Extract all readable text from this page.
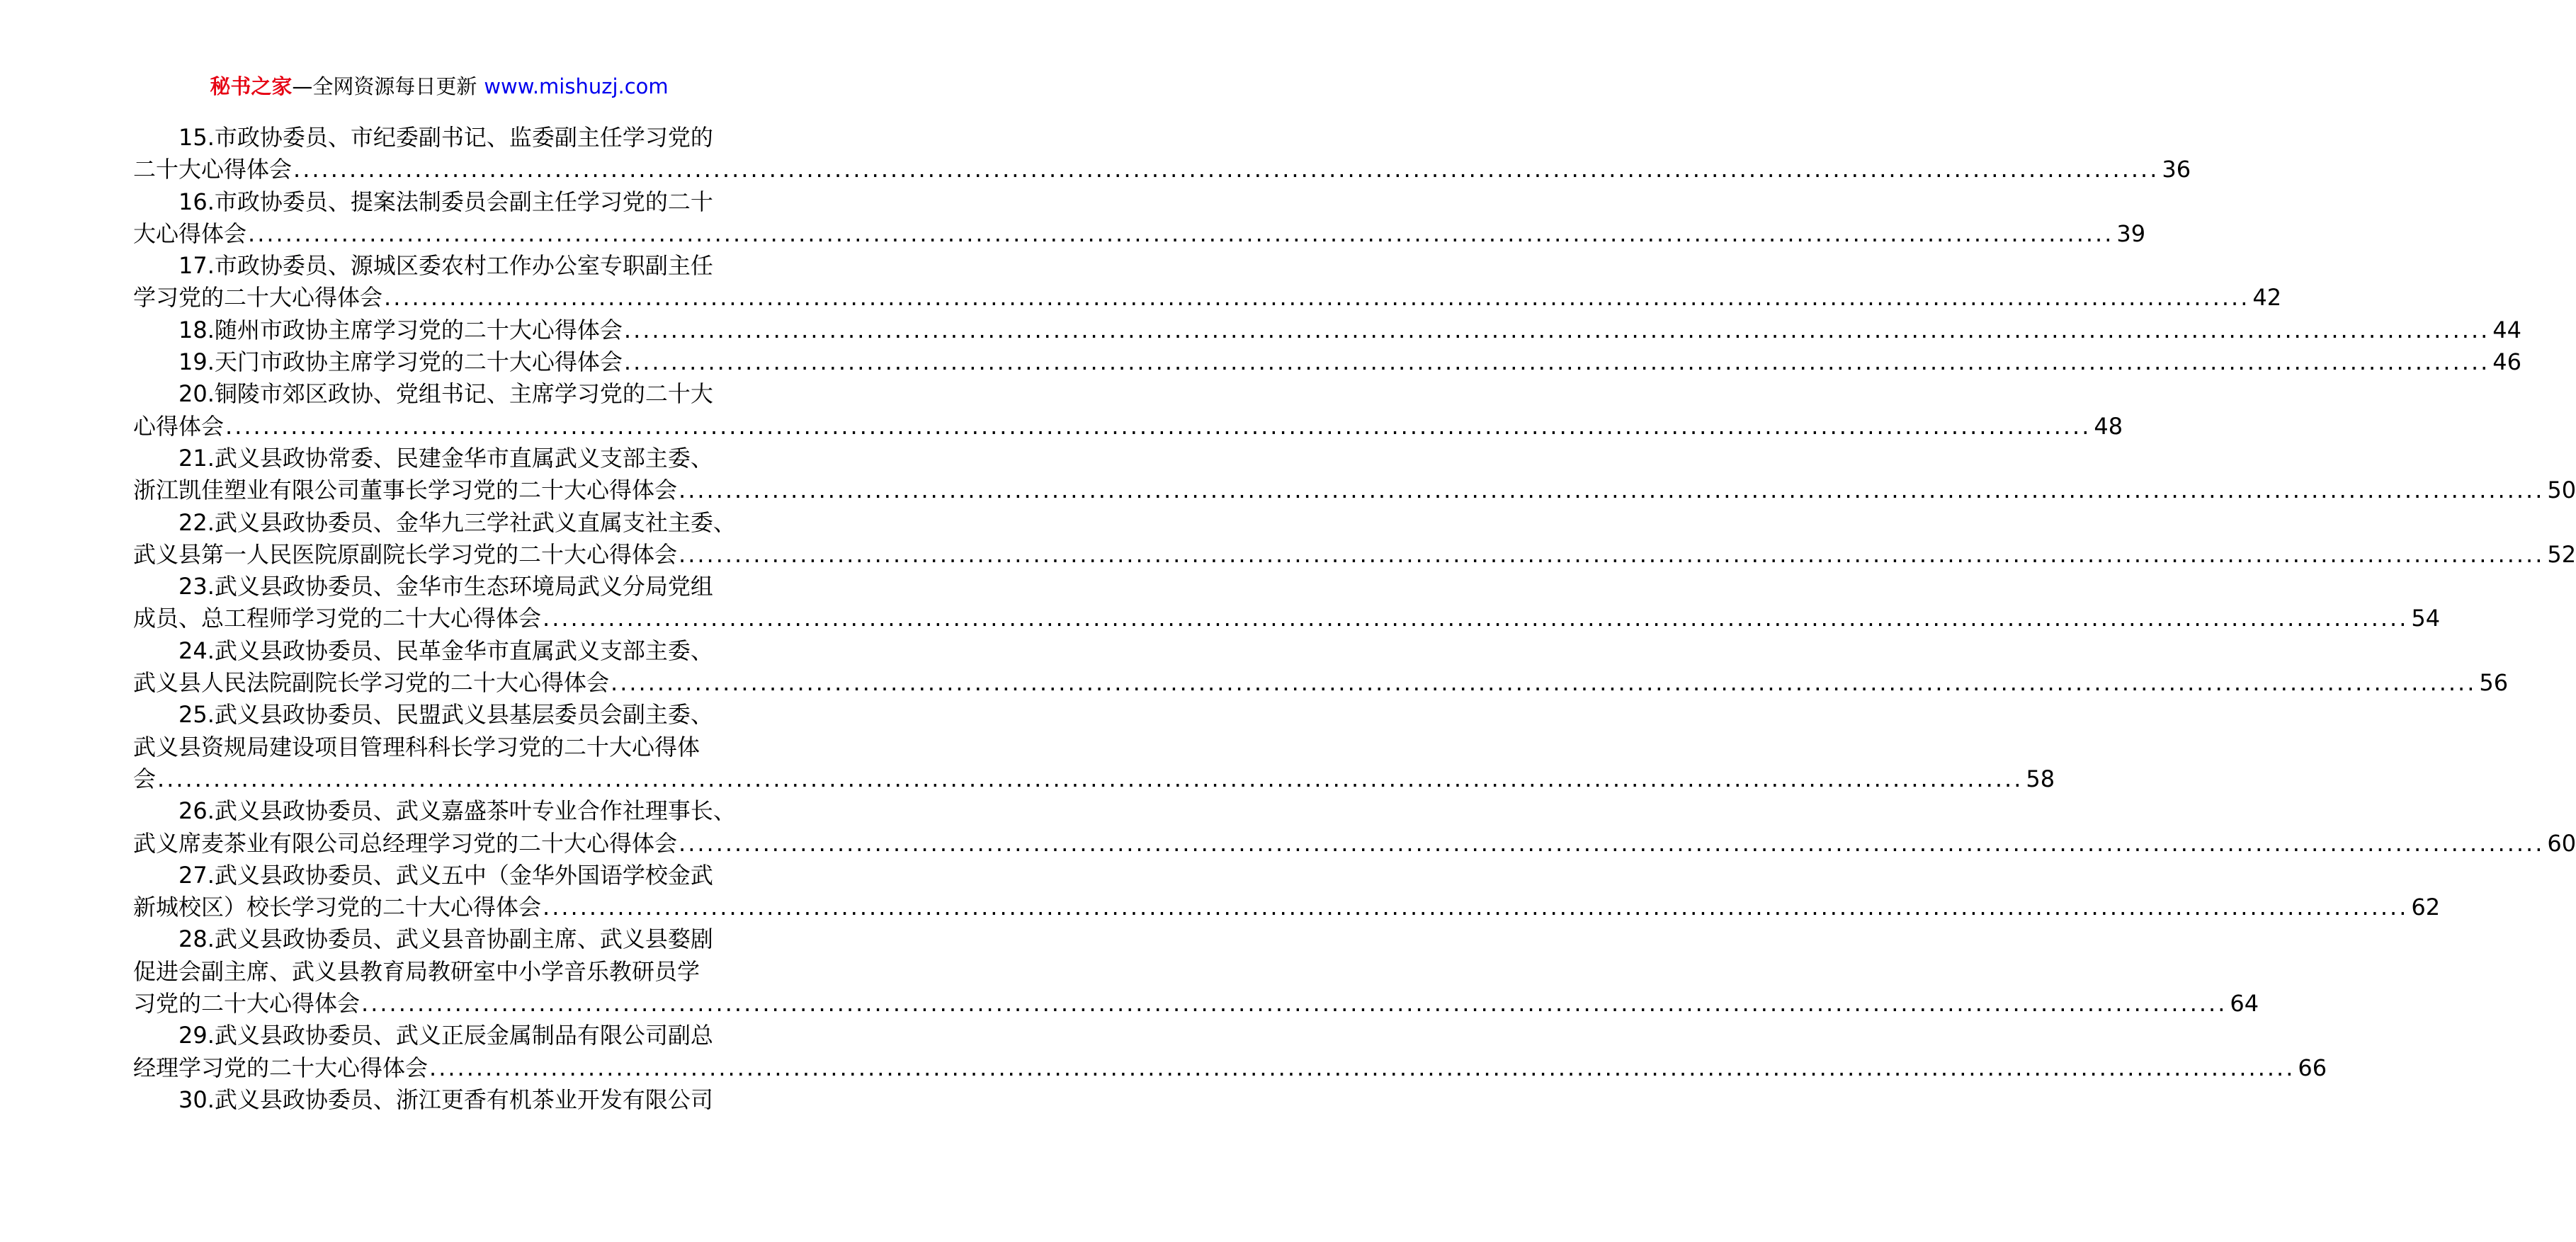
秘书之家—全网资源每日更新 www.mishuzj.com
15.市政协委员、市纪委副书记、监委副主任学习党的
二十大心得体会 ........................................................................................................................................................................................................ 36
16.市政协委员、提案法制委员会副主任学习党的二十
大心得体会 ........................................................................................................................................................................................................ 39
17.市政协委员、源城区委农村工作办公室专职副主任
学习党的二十大心得体会 ........................................................................................................................................................................................................ 42
18.随州市政协主席学习党的二十大心得体会 ........................................................................................................................................................................................................ 44
19.天门市政协主席学习党的二十大心得体会 ........................................................................................................................................................................................................ 46
20.铜陵市郊区政协、党组书记、主席学习党的二十大
心得体会 ........................................................................................................................................................................................................ 48
21.武义县政协常委、民建金华市直属武义支部主委、
浙江凯佳塑业有限公司董事长学习党的二十大心得体会 ........................................................................................................................................................................................................ 50
22.武义县政协委员、金华九三学社武义直属支社主委、
武义县第一人民医院原副院长学习党的二十大心得体会 ........................................................................................................................................................................................................ 52
23.武义县政协委员、金华市生态环境局武义分局党组
成员、总工程师学习党的二十大心得体会 ........................................................................................................................................................................................................ 54
24.武义县政协委员、民革金华市直属武义支部主委、
武义县人民法院副院长学习党的二十大心得体会 ........................................................................................................................................................................................................ 56
25.武义县政协委员、民盟武义县基层委员会副主委、
武义县资规局建设项目管理科科长学习党的二十大心得体
会 ........................................................................................................................................................................................................ 58
26.武义县政协委员、武义嘉盛茶叶专业合作社理事长、
武义席麦茶业有限公司总经理学习党的二十大心得体会 ........................................................................................................................................................................................................ 60
27.武义县政协委员、武义五中（金华外国语学校金武
新城校区）校长学习党的二十大心得体会 ........................................................................................................................................................................................................ 62
28.武义县政协委员、武义县音协副主席、武义县婺剧
促进会副主席、武义县教育局教研室中小学音乐教研员学
习党的二十大心得体会 ........................................................................................................................................................................................................ 64
29.武义县政协委员、武义正辰金属制品有限公司副总
经理学习党的二十大心得体会 ........................................................................................................................................................................................................ 66
30.武义县政协委员、浙江更香有机茶业开发有限公司
